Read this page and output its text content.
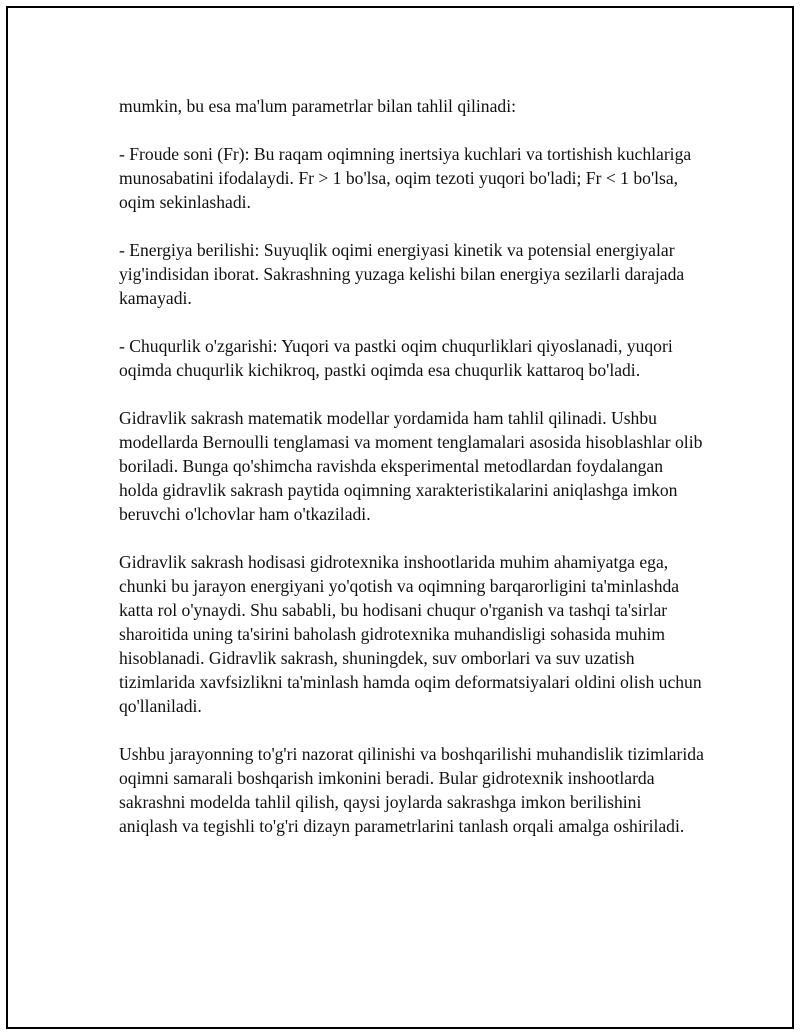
mumkin, bu esa ma'lum parametrlar bilan tahlil qilinadi:

- Froude soni (Fr): Bu raqam oqimning inertsiya kuchlari va tortishish kuchlariga munosabatini ifodalaydi. Fr > 1 bo'lsa, oqim tezoti yuqori bo'ladi; Fr < 1 bo'lsa, oqim sekinlashadi.

- Energiya berilishi: Suyuqlik oqimi energiyasi kinetik va potensial energiyalar yig'indisidan iborat. Sakrashning yuzaga kelishi bilan energiya sezilarli darajada kamayadi.

- Chuqurlik o'zgarishi: Yuqori va pastki oqim chuqurliklari qiyoslanadi, yuqori oqimda chuqurlik kichikroq, pastki oqimda esa chuqurlik kattaroq bo'ladi.

Gidravlik sakrash matematik modellar yordamida ham tahlil qilinadi. Ushbu modellarda Bernoulli tenglamasi va moment tenglamalari asosida hisoblashlar olib boriladi. Bunga qo'shimcha ravishda eksperimental metodlardan foydalangan holda gidravlik sakrash paytida oqimning xarakteristikalarini aniqlashga imkon beruvchi o'lchovlar ham o'tkaziladi.

Gidravlik sakrash hodisasi gidrotexnika inshootlarida muhim ahamiyatga ega, chunki bu jarayon energiyani yo'qotish va oqimning barqarorligini ta'minlashda katta rol o'ynaydi. Shu sababli, bu hodisani chuqur o'rganish va tashqi ta'sirlar sharoitida uning ta'sirini baholash gidrotexnika muhandisligi sohasida muhim hisoblanadi. Gidravlik sakrash, shuningdek, suv omborlari va suv uzatish tizimlarida xavfsizlikni ta'minlash hamda oqim deformatsiyalari oldini olish uchun qo'llaniladi.

Ushbu jarayonning to'g'ri nazorat qilinishi va boshqarilishi muhandislik tizimlarida oqimni samarali boshqarish imkonini beradi. Bular gidrotexnik inshootlarda sakrashni modelda tahlil qilish, qaysi joylarda sakrashga imkon berilishini aniqlash va tegishli to'g'ri dizayn parametrlarini tanlash orqali amalga oshiriladi.
